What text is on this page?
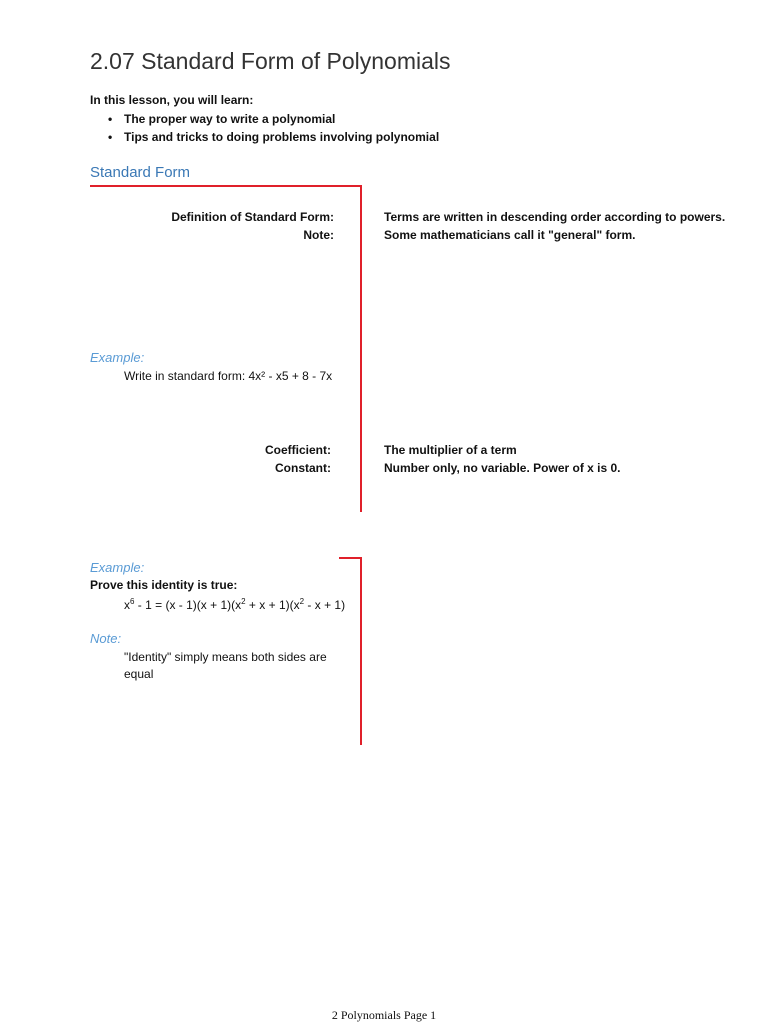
2.07 Standard Form of Polynomials
In this lesson, you will learn:
• The proper way to write a polynomial
• Tips and tricks to doing problems involving polynomial
Standard Form
Definition of Standard Form:	Terms are written in descending order according to powers.
Note:	Some mathematicians call it "general" form.
Example:
Write in standard form: 4x² - x5 + 8 - 7x
Coefficient:	The multiplier of a term
Constant:	Number only, no variable. Power of x is 0.
Example:
Prove this identity is true:
$x^6 - 1 = (x - 1)(x + 1)(x^2 + x + 1)(x^2 - x + 1)$
Note:
"Identity" simply means both sides are
equal
2 Polynomials Page 1
